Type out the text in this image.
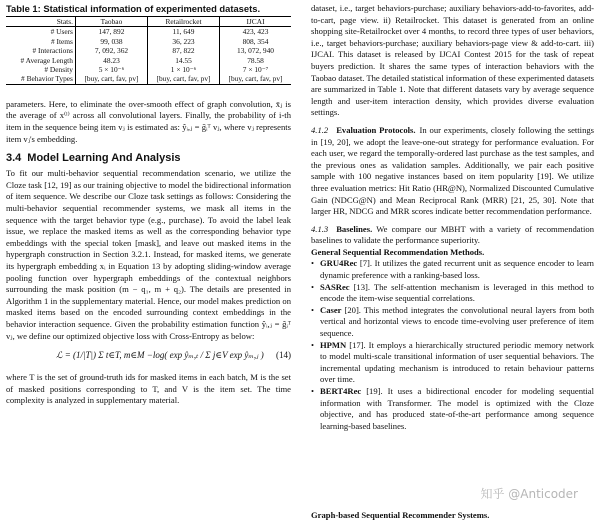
Table 1: Statistical information of experimented datasets.
Stats.	Taobao	Retailrocket	IJCAI
# Users	147, 892	11, 649	423, 423
# Items	99, 038	36, 223	808, 354
# Interactions	7, 092, 362	87, 822	13, 072, 940
# Average Length	48.23	14.55	78.58
# Density	5 × 10⁻⁶	1 × 10⁻⁶	7 × 10⁻⁷
# Behavior Types	[buy, cart, fav, pv]	[buy, cart, fav, pv]	[buy, cart, fav, pv]

parameters. Here, to eliminate the over-smooth effect of graph convolution, x̄ⱼ is the average of x⁽ˡ⁾ across all convolutional layers. Finally, the probability of i-th item in the sequence being item vⱼ is estimated as: ŷᵢ,ⱼ = g̃ᵢᵀ vⱼ, where vⱼ represents item vⱼ's embedding.

3.4 Model Learning And Analysis

To fit our multi-behavior sequential recommendation scenario, we utilize the Cloze task [12, 19] as our training objective to model the bidirectional information of item sequence. We describe our Cloze task settings as follows: Considering the multi-behavior sequential recommender systems, we mask all items in the sequence with the target behavior type (e.g., purchase). To avoid the label leak issue, we replace the masked items as well as the corresponding behavior type embeddings with the special token [mask], and leave out masked items in the hypergraph construction in Section 3.2.1. Instead, for masked items, we generate its hypergraph embedding xᵢ in Equation 13 by adopting sliding-window average pooling function over hypergraph embeddings of the contextual neighbors surrounding the mask position (m − q₁, m + q₂). The details are presented in Algorithm 1 in the supplementary material. Hence, our model makes prediction on masked items based on the encoded surrounding context embeddings in the behavior interaction sequence. Given the probability estimation function ŷᵢ,ⱼ = g̃ᵢᵀ vⱼ, we define our optimized objective loss with Cross-Entropy as below:

ℒ = (1/|T|) Σ t∈T, m∈M −log( exp ŷₘ,ₜ / Σ j∈V exp ŷₘ,ⱼ ) (14)

where T is the set of ground-truth ids for masked items in each batch, M is the set of masked positions corresponding to T, and V is the item set. The time complexity is analyzed in supplementary material.

dataset, i.e., target behaviors-purchase; auxiliary behaviors-add-to-favorites, add-to-cart, page view. ii) Retailrocket. This dataset is generated from an online shopping site-Retailrocket over 4 months, to record three types of user behaviors, i.e., target behaviors-purchase; auxiliary behaviors-page view & add-to-cart. iii) IJCAI. This dataset is released by IJCAI Contest 2015 for the task of repeat buyers prediction. It shares the same types of interaction behaviors with the Taobao dataset. The detailed statistical information of these experimented datasets are summarized in Table 1. Note that different datasets vary by average sequence length and user-item interaction density, which provides diverse evaluation settings.

4.1.2 Evaluation Protocols. In our experiments, closely following the settings in [19, 20], we adopt the leave-one-out strategy for performance evaluation. For each user, we regard the temporally-ordered last purchase as the test samples, and the previous ones as validation samples. Additionally, we pair each positive sample with 100 negative instances based on item popularity [19]. We utilize three evaluation metrics: Hit Ratio (HR@N), Normalized Discounted Cumulative Gain (NDCG@N) and Mean Reciprocal Rank (MRR) [21, 25, 30]. Note that larger HR, NDCG and MRR scores indicate better recommendation performance.

4.1.3 Baselines. We compare our MBHT with a variety of recommendation baselines to validate the performance superiority.

General Sequential Recommendation Methods.

• GRU4Rec [7]. It utilizes the gated recurrent unit as sequence encoder to learn dynamic preference with a ranking-based loss.
• SASRec [13]. The self-attention mechanism is leveraged in this method to encode the item-wise sequential correlations.
• Caser [20]. This method integrates the convolutional neural layers from both vertical and horizontal views to encode time-evolving user preference of item sequence.
• HPMN [17]. It employs a hierarchically structured periodic memory network to model multi-scale transitional information of user sequential behaviors. The incremental updating mechanism is introduced to retain behaviour patterns over time.
• BERT4Rec [19]. It uses a bidirectional encoder for modeling sequential information with Transformer. The model is optimized with the Cloze objective, and has produced state-of-the-art performance among sequence learning-based baselines.
Graph-based Sequential Recommender Systems.
知乎 @Anticoder
